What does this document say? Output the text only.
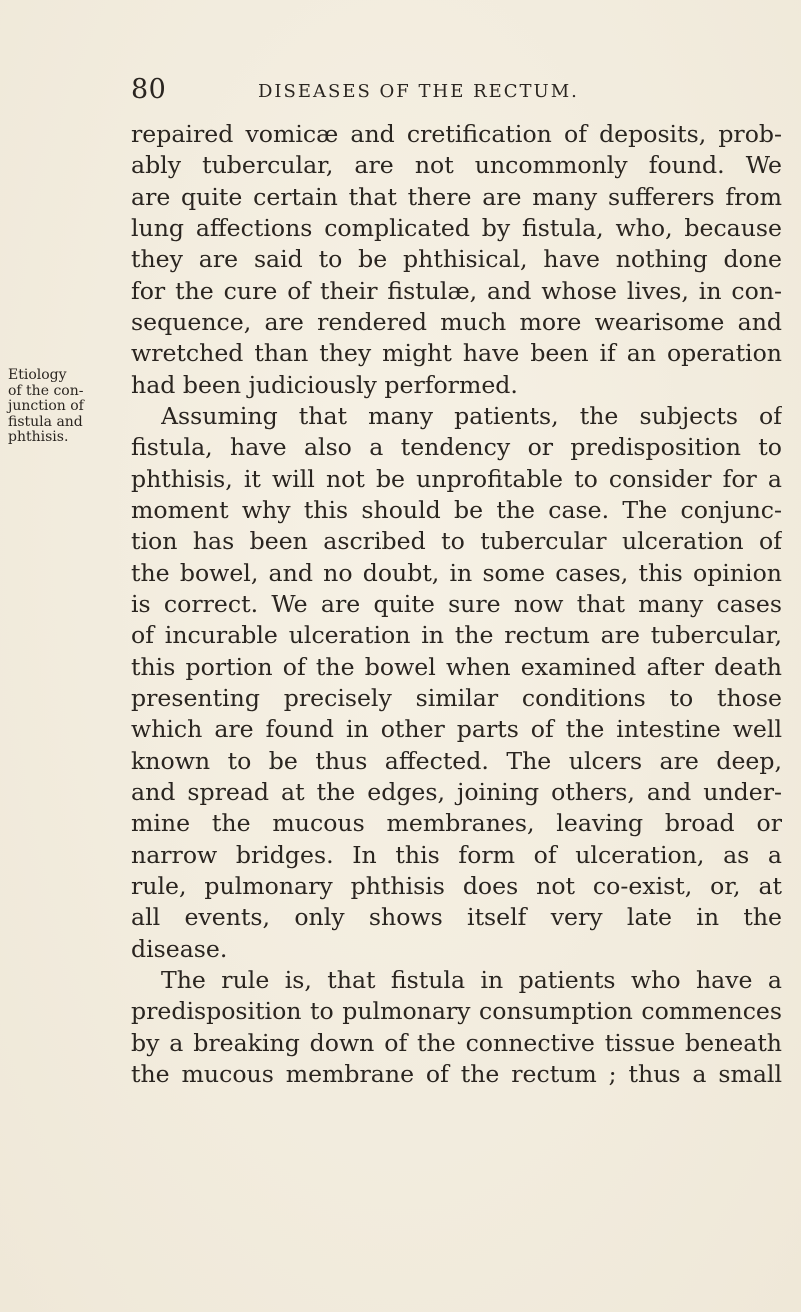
80	DISEASES OF THE RECTUM.
Etiology
of the con-
junction of
fistula and
phthisis.
repaired vomicæ and cretification of deposits, prob-
ably tubercular, are not uncommonly found. We
are quite certain that there are many sufferers from
lung affections complicated by fistula, who, because
they are said to be phthisical, have nothing done
for the cure of their fistulæ, and whose lives, in con-
sequence, are rendered much more wearisome and
wretched than they might have been if an operation
had been judiciously performed.
Assuming that many patients, the subjects of
fistula, have also a tendency or predisposition to
phthisis, it will not be unprofitable to consider for a
moment why this should be the case. The conjunc-
tion has been ascribed to tubercular ulceration of
the bowel, and no doubt, in some cases, this opinion
is correct. We are quite sure now that many cases
of incurable ulceration in the rectum are tubercular,
this portion of the bowel when examined after death
presenting precisely similar conditions to those
which are found in other parts of the intestine well
known to be thus affected. The ulcers are deep,
and spread at the edges, joining others, and under-
mine the mucous membranes, leaving broad or
narrow bridges. In this form of ulceration, as a
rule, pulmonary phthisis does not co-exist, or, at
all events, only shows itself very late in the
disease.
The rule is, that fistula in patients who have a
predisposition to pulmonary consumption commences
by a breaking down of the connective tissue beneath
the mucous membrane of the rectum ; thus a small
